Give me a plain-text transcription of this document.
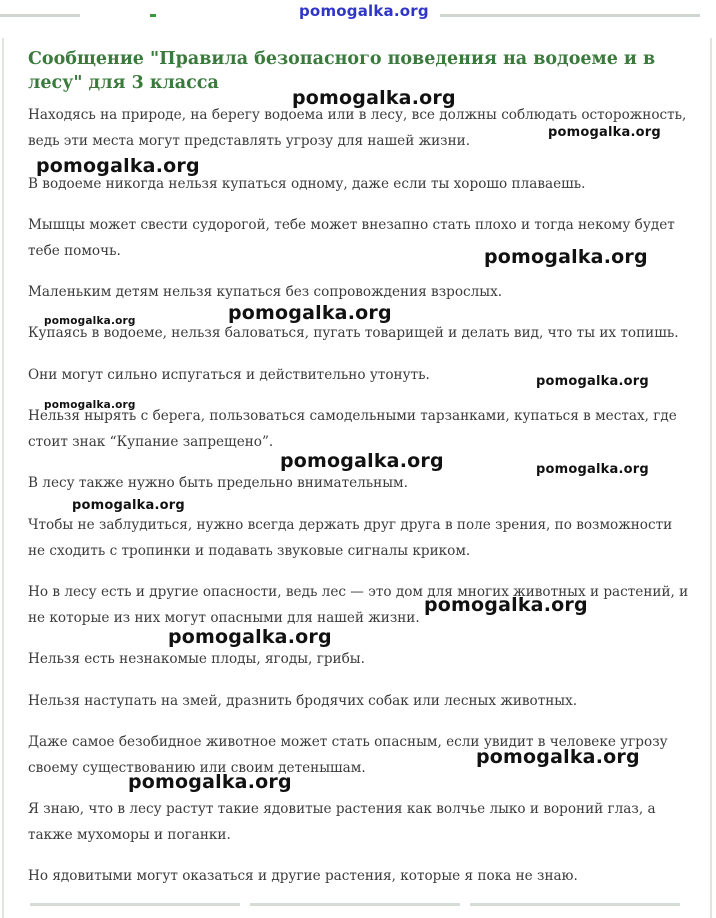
pomogalka.org
Сообщение "Правила безопасного поведения на водоеме и в лесу" для 3 класса

Находясь на природе, на берегу водоема или в лесу, все должны соблюдать осторожность, ведь эти места могут представлять угрозу для нашей жизни.

В водоеме никогда нельзя купаться одному, даже если ты хорошо плаваешь.

Мышцы может свести судорогой, тебе может внезапно стать плохо и тогда некому будет тебе помочь.

Маленьким детям нельзя купаться без сопровождения взрослых.

Купаясь в водоеме, нельзя баловаться, пугать товарищей и делать вид, что ты их топишь.

Они могут сильно испугаться и действительно утонуть.

Нельзя нырять с берега, пользоваться самодельными тарзанками, купаться в местах, где стоит знак “Купание запрещено”.

В лесу также нужно быть предельно внимательным.

Чтобы не заблудиться, нужно всегда держать друг друга в поле зрения, по возможности не сходить с тропинки и подавать звуковые сигналы криком.

Но в лесу есть и другие опасности, ведь лес — это дом для многих животных и растений, и не которые из них могут опасными для нашей жизни.

Нельзя есть незнакомые плоды, ягоды, грибы.

Нельзя наступать на змей, дразнить бродячих собак или лесных животных.

Даже самое безобидное животное может стать опасным, если увидит в человеке угрозу своему существованию или своим детенышам.

Я знаю, что в лесу растут такие ядовитые растения как волчье лыко и вороний глаз, а также мухоморы и поганки.

Но ядовитыми могут оказаться и другие растения, которые я пока не знаю.

pomogalka.org
pomogalka.org
pomogalka.org
pomogalka.org
pomogalka.org
pomogalka.org
pomogalka.org
pomogalka.org
pomogalka.org	pomogalka.org
pomogalka.org
pomogalka.org
pomogalka.org
pomogalka.org
pomogalka.org
